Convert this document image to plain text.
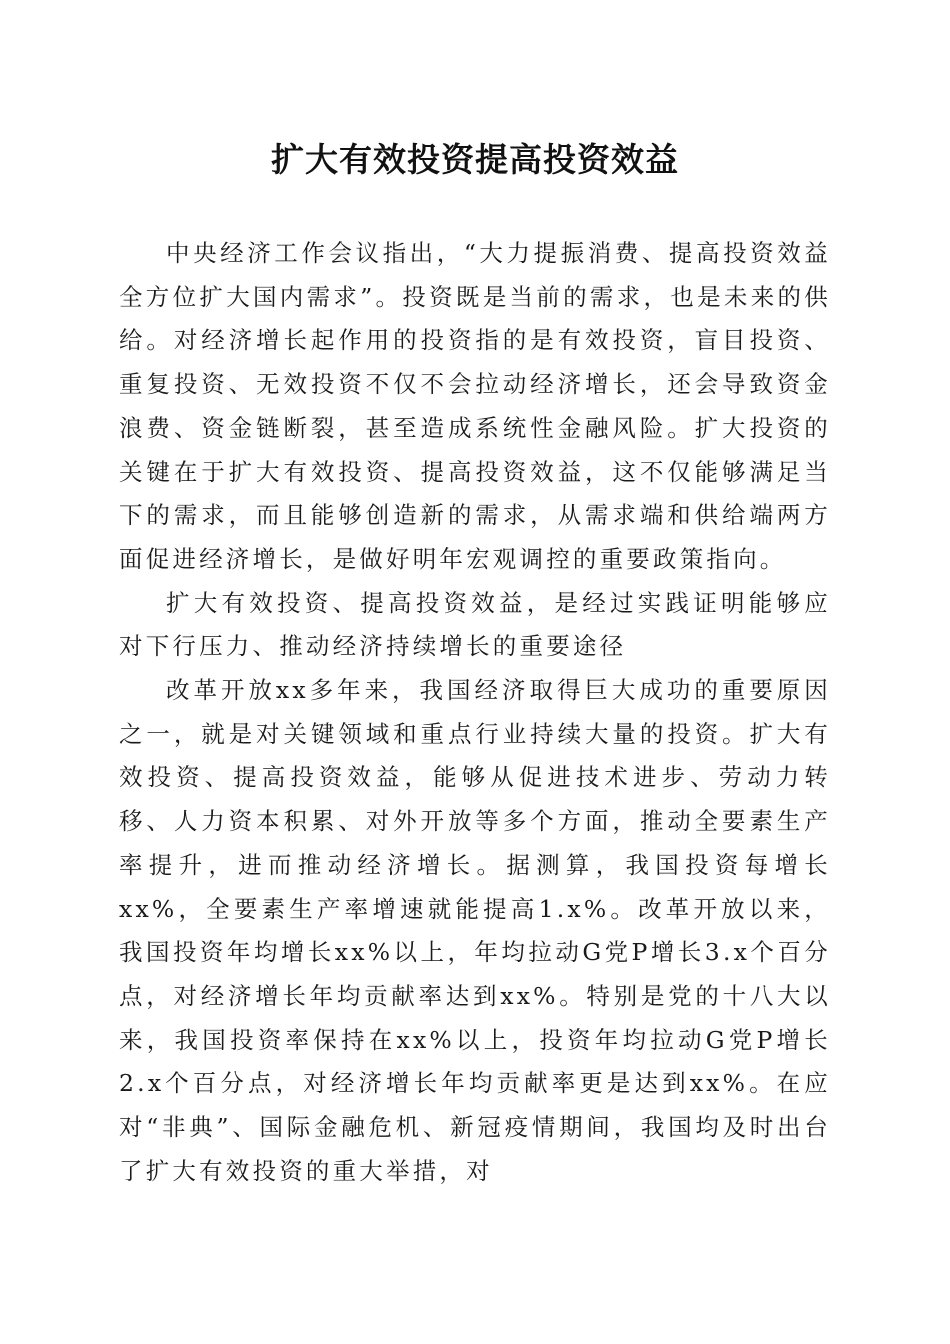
扩大有效投资提高投资效益

中央经济工作会议指出，“大力提振消费、提高投资效益全方位扩大国内需求”。投资既是当前的需求，也是未来的供给。对经济增长起作用的投资指的是有效投资，盲目投资、重复投资、无效投资不仅不会拉动经济增长，还会导致资金浪费、资金链断裂，甚至造成系统性金融风险。扩大投资的关键在于扩大有效投资、提高投资效益，这不仅能够满足当下的需求，而且能够创造新的需求，从需求端和供给端两方面促进经济增长，是做好明年宏观调控的重要政策指向。

扩大有效投资、提高投资效益，是经过实践证明能够应对下行压力、推动经济持续增长的重要途径

改革开放xx多年来，我国经济取得巨大成功的重要原因之一，就是对关键领域和重点行业持续大量的投资。扩大有效投资、提高投资效益，能够从促进技术进步、劳动力转移、人力资本积累、对外开放等多个方面，推动全要素生产率提升，进而推动经济增长。据测算，我国投资每增长xx%，全要素生产率增速就能提高1.x%。改革开放以来，我国投资年均增长xx%以上，年均拉动G党P增长3.x个百分点，对经济增长年均贡献率达到xx%。特别是党的十八大以来，我国投资率保持在xx%以上，投资年均拉动G党P增长2.x个百分点，对经济增长年均贡献率更是达到xx%。在应对“非典”、国际金融危机、新冠疫情期间，我国均及时出台了扩大有效投资的重大举措，对
